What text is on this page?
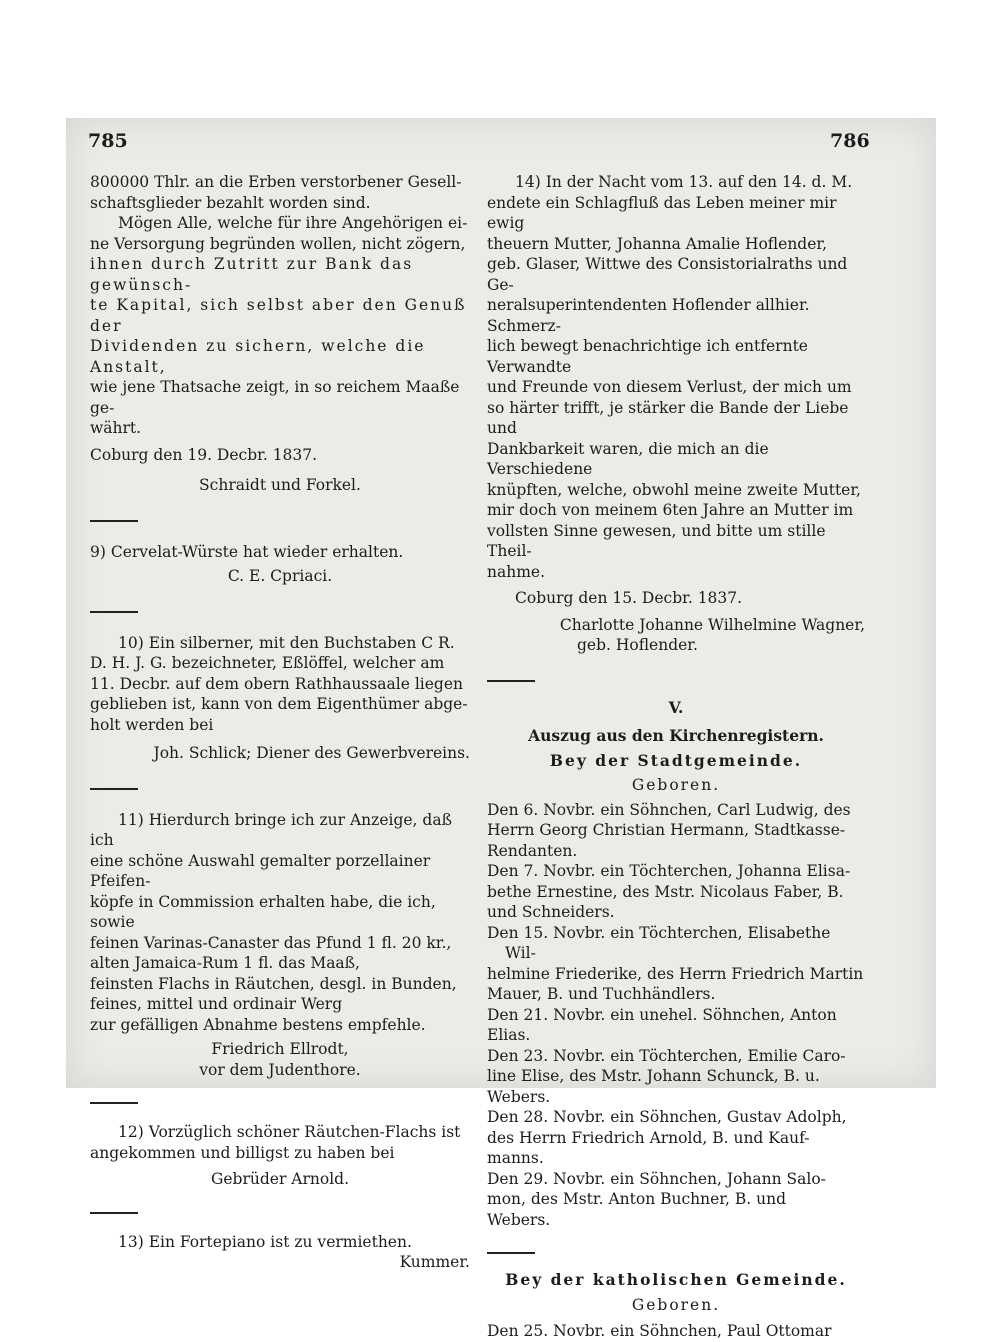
785	786

800000 Thlr. an die Erben verstorbener Gesell-

schaftsglieder bezahlt worden sind.

Mögen Alle, welche für ihre Angehörigen ei-

ne Versorgung begründen wollen, nicht zögern,

ihnen durch Zutritt zur Bank das gewünsch-

te Kapital, sich selbst aber den Genuß der

Dividenden zu sichern, welche die Anstalt,

wie jene Thatsache zeigt, in so reichem Maaße ge-

währt.

Coburg den 19. Decbr. 1837.

Schraidt und Forkel.

9) Cervelat-Würste hat wieder erhalten.

C. E. Cpriaci.

10) Ein silberner, mit den Buchstaben C R.

D. H. J. G. bezeichneter, Eßlöffel, welcher am

11. Decbr. auf dem obern Rathhaussaale liegen

geblieben ist, kann von dem Eigenthümer abge-

holt werden bei

Joh. Schlick; Diener des Gewerbvereins.

11) Hierdurch bringe ich zur Anzeige, daß ich

eine schöne Auswahl gemalter porzellainer Pfeifen-

köpfe in Commission erhalten habe, die ich, sowie

feinen Varinas-Canaster das Pfund 1 fl. 20 kr.,

alten Jamaica-Rum 1 fl. das Maaß,

feinsten Flachs in Räutchen, desgl. in Bunden,

feines, mittel und ordinair Werg

zur gefälligen Abnahme bestens empfehle.

Friedrich Ellrodt,

vor dem Judenthore.

12) Vorzüglich schöner Räutchen-Flachs ist

angekommen und billigst zu haben bei

Gebrüder Arnold.

13) Ein Fortepiano ist zu vermiethen.

Kummer.

14) In der Nacht vom 13. auf den 14. d. M.

endete ein Schlagfluß das Leben meiner mir ewig

theuern Mutter, Johanna Amalie Hoflender,

geb. Glaser, Wittwe des Consistorialraths und Ge-

neralsuperintendenten Hoflender allhier. Schmerz-

lich bewegt benachrichtige ich entfernte Verwandte

und Freunde von diesem Verlust, der mich um

so härter trifft, je stärker die Bande der Liebe und

Dankbarkeit waren, die mich an die Verschiedene

knüpften, welche, obwohl meine zweite Mutter,

mir doch von meinem 6ten Jahre an Mutter im

vollsten Sinne gewesen, und bitte um stille Theil-

nahme.

Coburg den 15. Decbr. 1837.

Charlotte Johanne Wilhelmine Wagner,

geb. Hoflender.

V.

Auszug aus den Kirchenregistern.

Bey der Stadtgemeinde.

Geboren.

Den 6. Novbr. ein Söhnchen, Carl Ludwig, des
Herrn Georg Christian Hermann, Stadtkasse-
Rendanten.
Den 7. Novbr. ein Töchterchen, Johanna Elisa-
bethe Ernestine, des Mstr. Nicolaus Faber, B.
und Schneiders.
Den 15. Novbr. ein Töchterchen, Elisabethe Wil-
helmine Friederike, des Herrn Friedrich Martin
Mauer, B. und Tuchhändlers.
Den 21. Novbr. ein unehel. Söhnchen, Anton
Elias.
Den 23. Novbr. ein Töchterchen, Emilie Caro-
line Elise, des Mstr. Johann Schunck, B. u.
Webers.
Den 28. Novbr. ein Söhnchen, Gustav Adolph,
des Herrn Friedrich Arnold, B. und Kauf-
manns.
Den 29. Novbr. ein Söhnchen, Johann Salo-
mon, des Mstr. Anton Buchner, B. und
Webers.

Bey der katholischen Gemeinde.

Geboren.

Den 25. Novbr. ein Söhnchen, Paul Ottomar
